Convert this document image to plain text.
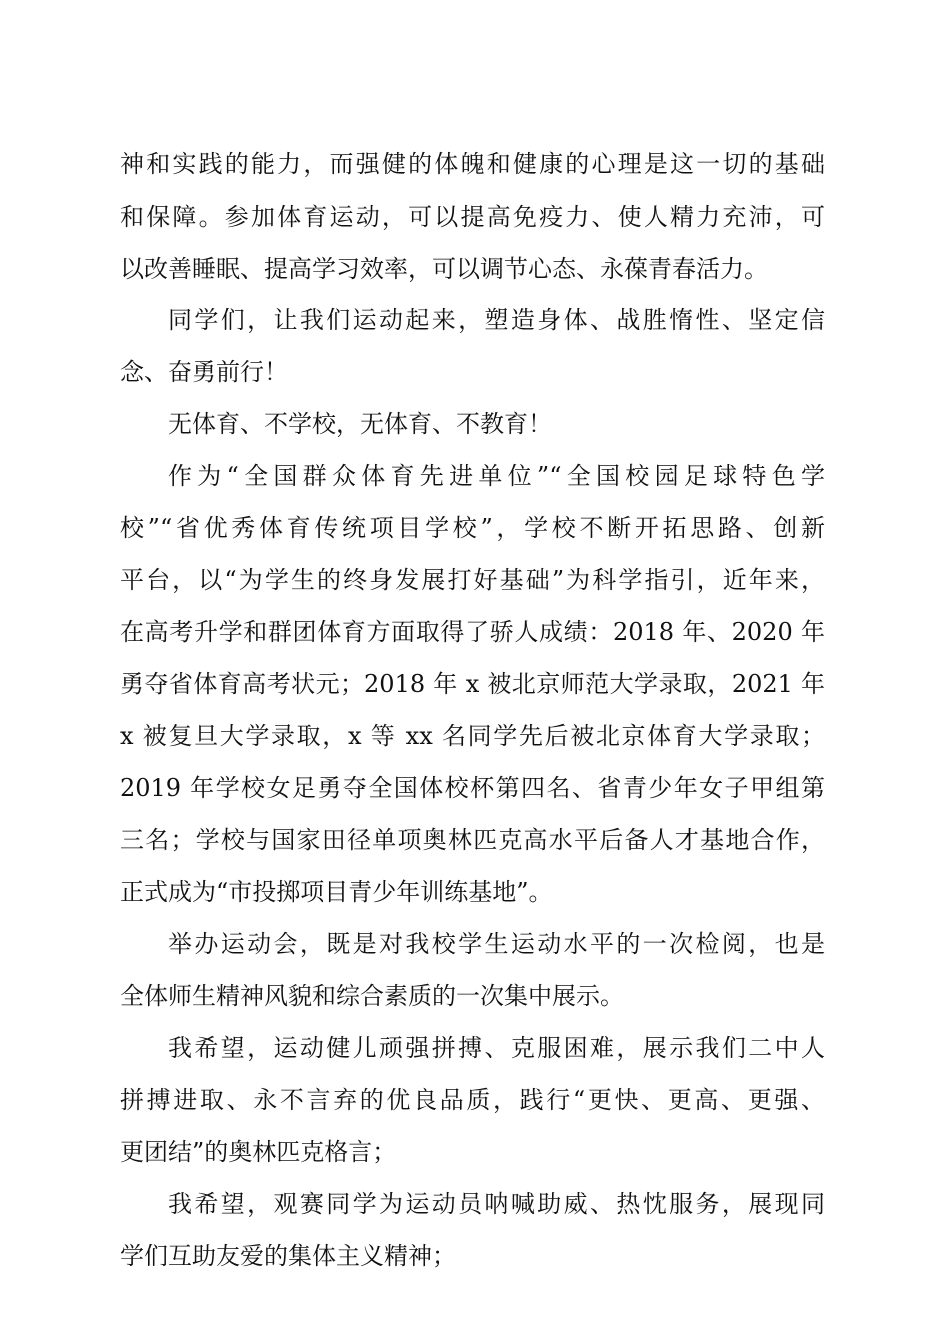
神和实践的能力，而强健的体魄和健康的心理是这一切的基础
和保障。参加体育运动，可以提高免疫力、使人精力充沛，可
以改善睡眠、提高学习效率，可以调节心态、永葆青春活力。
同学们，让我们运动起来，塑造身体、战胜惰性、坚定信
念、奋勇前行！
无体育、不学校，无体育、不教育！
作为“全国群众体育先进单位”“全国校园足球特色学
校”“省优秀体育传统项目学校”，学校不断开拓思路、创新
平台，以“为学生的终身发展打好基础”为科学指引，近年来，
在高考升学和群团体育方面取得了骄人成绩：2018 年、2020 年
勇夺省体育高考状元；2018 年 x 被北京师范大学录取，2021 年
x 被复旦大学录取，x 等 xx 名同学先后被北京体育大学录取；
2019 年学校女足勇夺全国体校杯第四名、省青少年女子甲组第
三名；学校与国家田径单项奥林匹克高水平后备人才基地合作，
正式成为“市投掷项目青少年训练基地”。
举办运动会，既是对我校学生运动水平的一次检阅，也是
全体师生精神风貌和综合素质的一次集中展示。
我希望，运动健儿顽强拼搏、克服困难，展示我们二中人
拼搏进取、永不言弃的优良品质，践行“更快、更高、更强、
更团结”的奥林匹克格言；
我希望，观赛同学为运动员呐喊助威、热忱服务，展现同
学们互助友爱的集体主义精神；
